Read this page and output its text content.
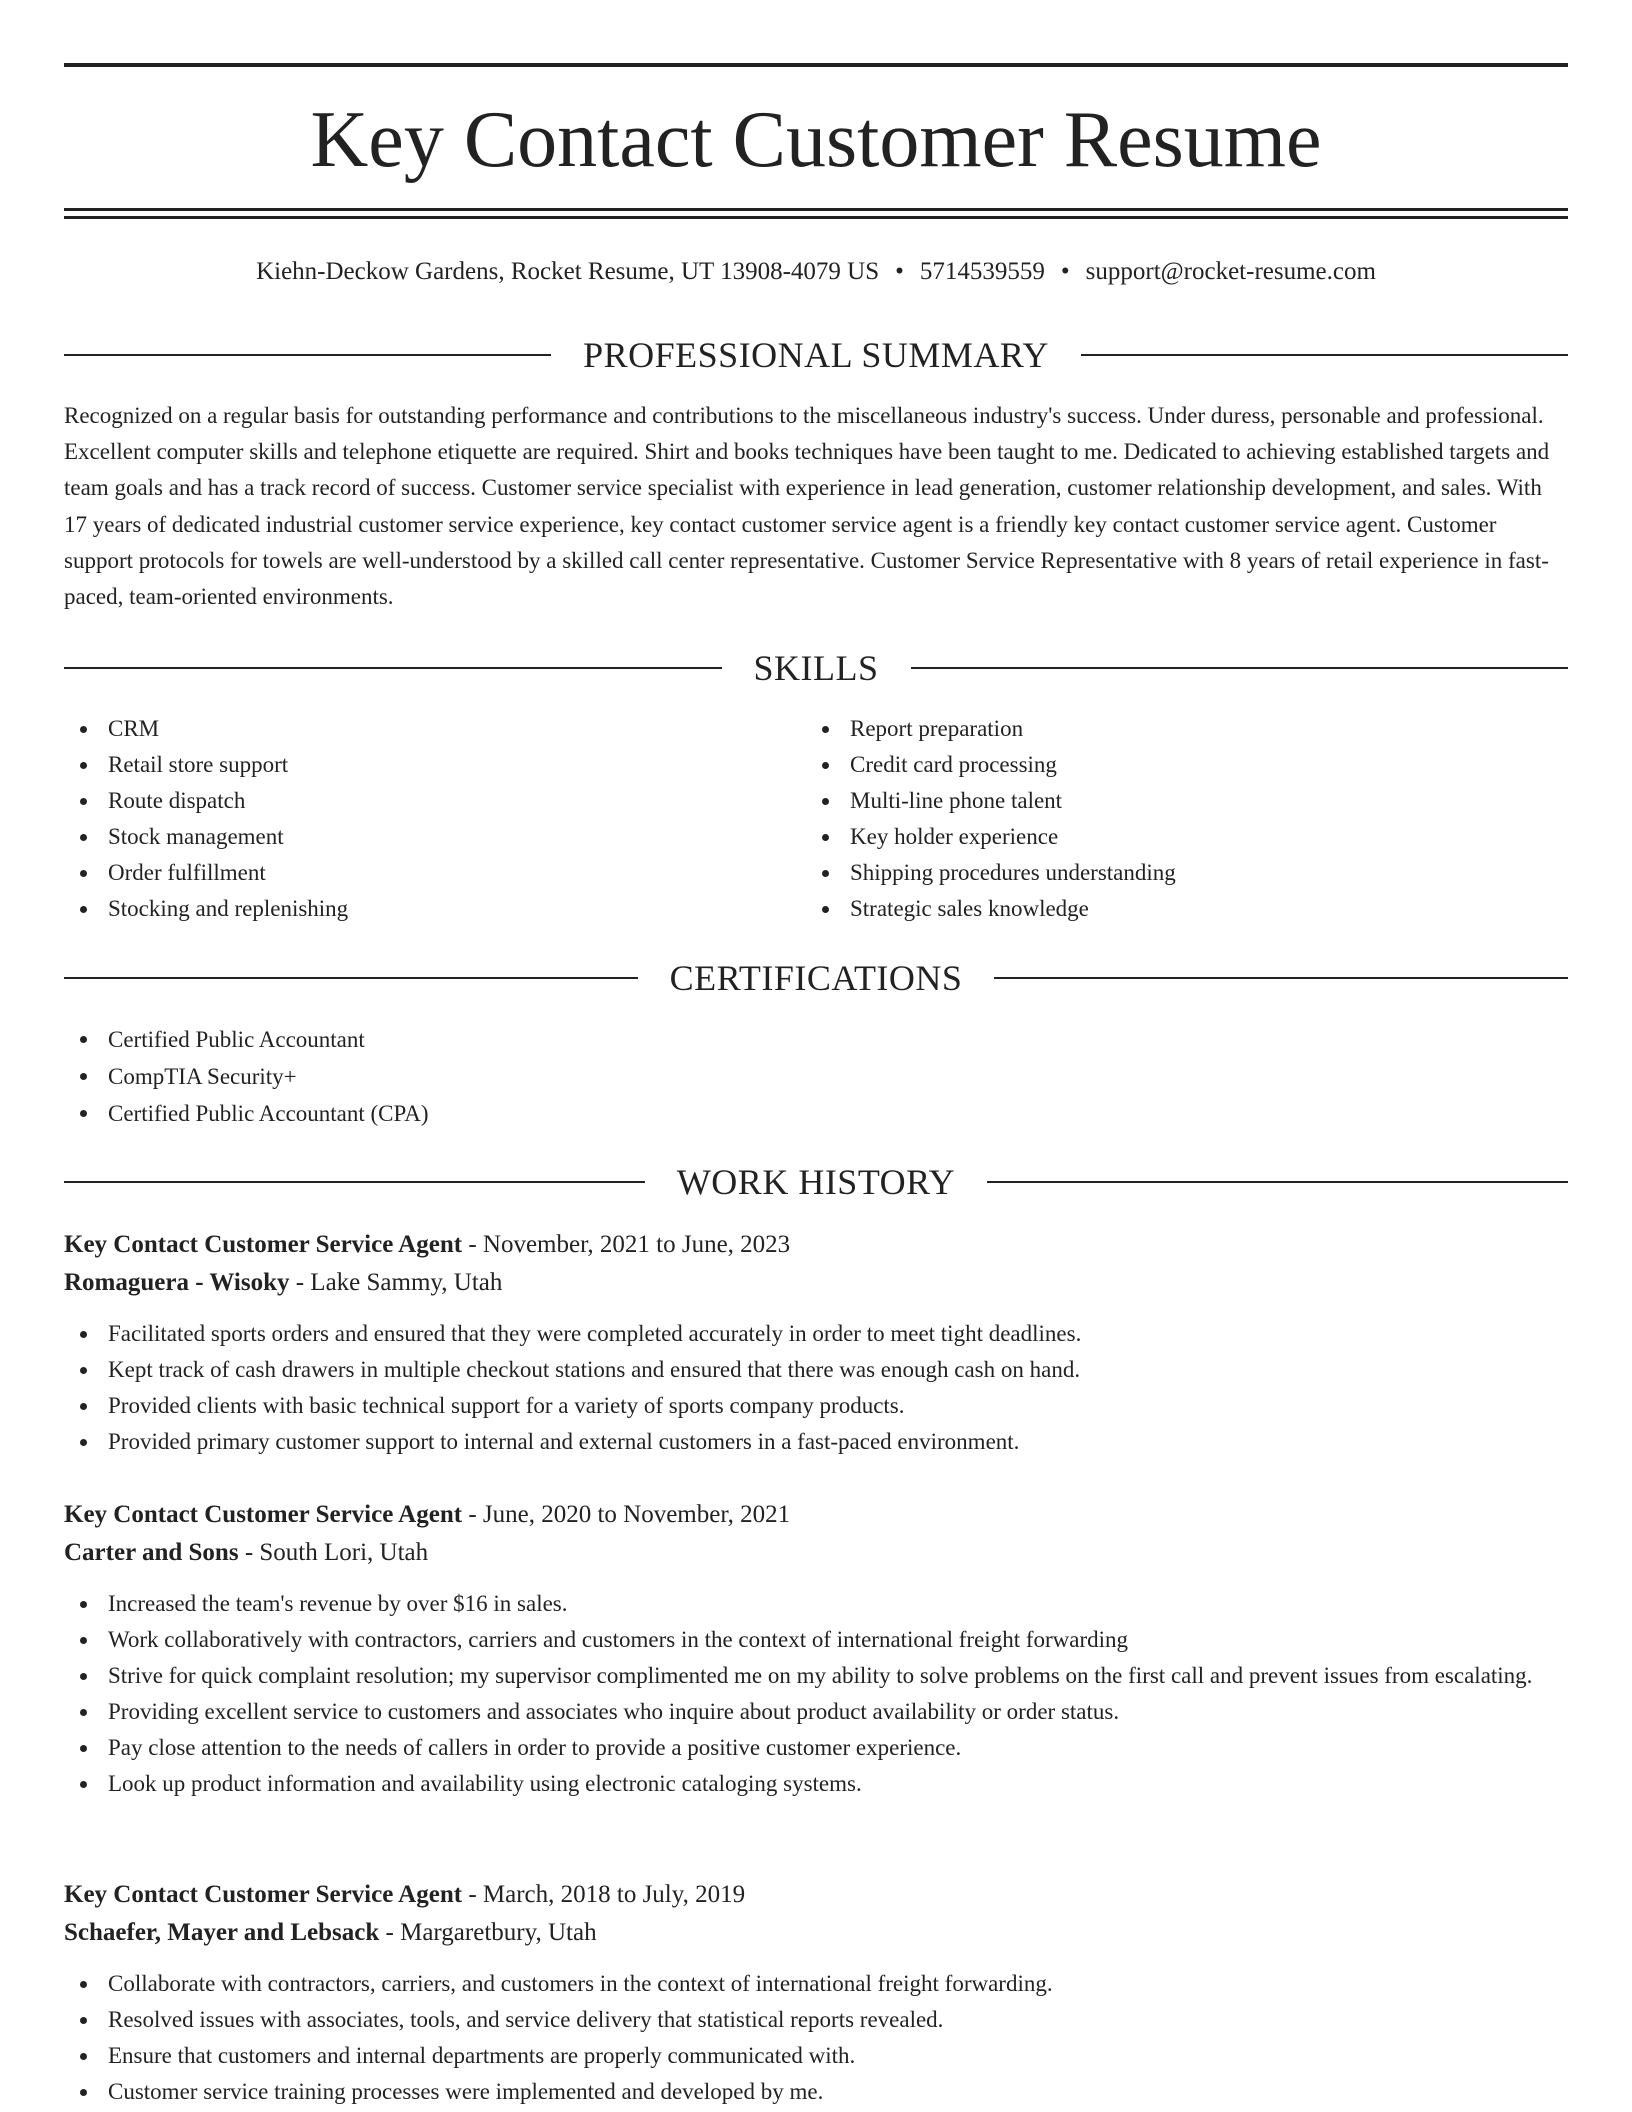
Key Contact Customer Resume
Kiehn-Deckow Gardens, Rocket Resume, UT 13908-4079 US • 5714539559 • support@rocket-resume.com
PROFESSIONAL SUMMARY

Recognized on a regular basis for outstanding performance and contributions to the miscellaneous industry's success. Under duress, personable and professional. Excellent computer skills and telephone etiquette are required. Shirt and books techniques have been taught to me. Dedicated to achieving established targets and team goals and has a track record of success. Customer service specialist with experience in lead generation, customer relationship development, and sales. With 17 years of dedicated industrial customer service experience, key contact customer service agent is a friendly key contact customer service agent. Customer support protocols for towels are well-understood by a skilled call center representative. Customer Service Representative with 8 years of retail experience in fast-paced, team-oriented environments.

SKILLS
CRM
Retail store support
Route dispatch
Stock management
Order fulfillment
Stocking and replenishing
Report preparation
Credit card processing
Multi-line phone talent
Key holder experience
Shipping procedures understanding
Strategic sales knowledge
CERTIFICATIONS
Certified Public Accountant
CompTIA Security+
Certified Public Accountant (CPA)
WORK HISTORY

Key Contact Customer Service Agent - November, 2021 to June, 2023

Romaguera - Wisoky - Lake Sammy, Utah

Facilitated sports orders and ensured that they were completed accurately in order to meet tight deadlines.
Kept track of cash drawers in multiple checkout stations and ensured that there was enough cash on hand.
Provided clients with basic technical support for a variety of sports company products.
Provided primary customer support to internal and external customers in a fast-paced environment.

Key Contact Customer Service Agent - June, 2020 to November, 2021

Carter and Sons - South Lori, Utah

Increased the team's revenue by over $16 in sales.
Work collaboratively with contractors, carriers and customers in the context of international freight forwarding
Strive for quick complaint resolution; my supervisor complimented me on my ability to solve problems on the first call and prevent issues from escalating.
Providing excellent service to customers and associates who inquire about product availability or order status.
Pay close attention to the needs of callers in order to provide a positive customer experience.
Look up product information and availability using electronic cataloging systems.

Key Contact Customer Service Agent - March, 2018 to July, 2019

Schaefer, Mayer and Lebsack - Margaretbury, Utah

Collaborate with contractors, carriers, and customers in the context of international freight forwarding.
Resolved issues with associates, tools, and service delivery that statistical reports revealed.
Ensure that customers and internal departments are properly communicated with.
Customer service training processes were implemented and developed by me.
